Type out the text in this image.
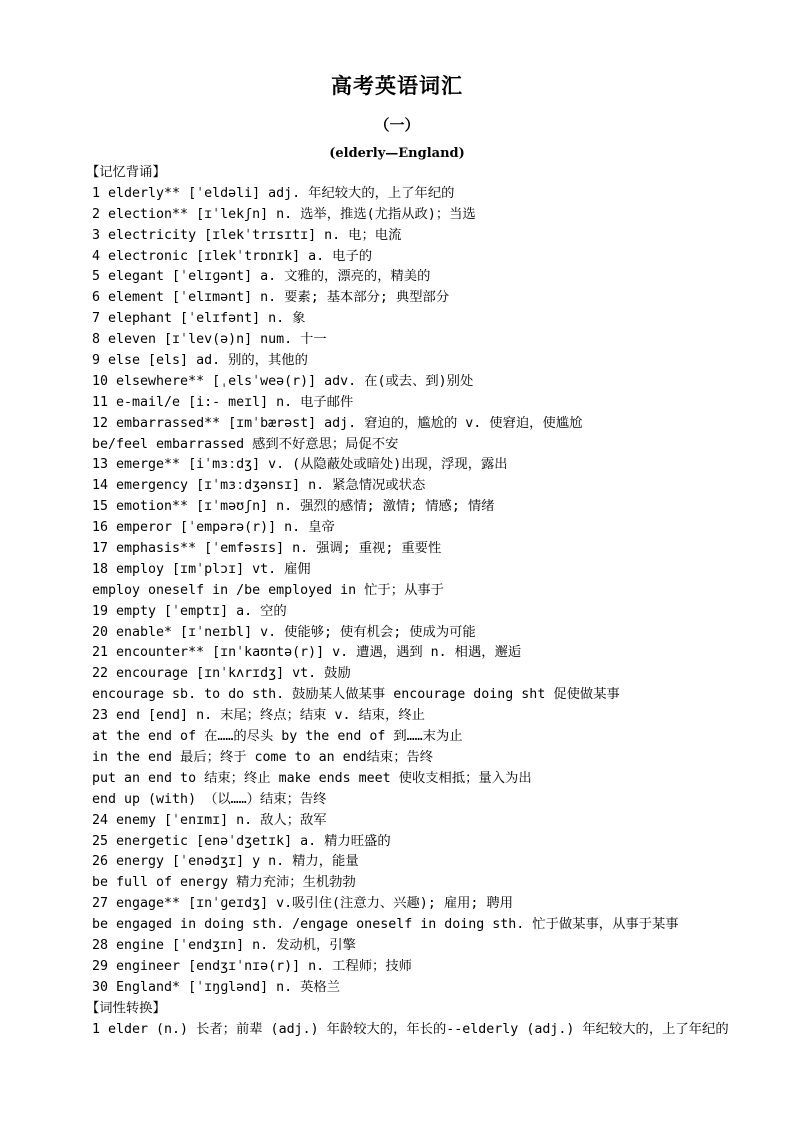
高考英语词汇
（一）
(elderly—England)
【记忆背诵】
1 elderly** [ˈeldəli] adj. 年纪较大的，上了年纪的
2 election** [ɪˈlekʃn] n. 选举，推选(尤指从政)；当选
3 electricity [ɪlekˈtrɪsɪtɪ] n. 电；电流
4 electronic [ɪlekˈtrɒnɪk] a. 电子的
5 elegant [ˈelɪɡənt] a. 文雅的，漂亮的，精美的
6 element [ˈelɪmənt] n. 要素; 基本部分; 典型部分
7 elephant [ˈelɪfənt] n. 象
8 eleven [ɪˈlev(ə)n] num. 十一
9 else [els] ad. 别的，其他的
10 elsewhere** [ˌelsˈweə(r)] adv. 在(或去、到)别处
11 e-mail/e [i:- meɪl] n. 电子邮件
12 embarrassed** [ɪmˈbærəst] adj. 窘迫的，尴尬的 v. 使窘迫，使尴尬
be/feel embarrassed 感到不好意思；局促不安
13 emerge** [iˈmɜːdʒ] v. (从隐蔽处或暗处)出现，浮现，露出
14 emergency [ɪˈmɜːdʒənsɪ] n. 紧急情况或状态
15 emotion** [ɪˈməʊʃn] n. 强烈的感情; 激情; 情感; 情绪
16 emperor [ˈempərə(r)] n. 皇帝
17 emphasis** [ˈemfəsɪs] n. 强调; 重视; 重要性
18 employ [ɪmˈplɔɪ] vt. 雇佣
employ oneself in /be employed in 忙于；从事于
19 empty [ˈemptɪ] a. 空的
20 enable* [ɪˈneɪbl] v. 使能够; 使有机会; 使成为可能
21 encounter** [ɪnˈkaʊntə(r)] v. 遭遇，遇到 n. 相遇，邂逅
22 encourage [ɪnˈkʌrɪdʒ] vt. 鼓励
encourage sb. to do sth. 鼓励某人做某事 encourage doing sht 促使做某事
23 end [end] n. 末尾；终点；结束 v. 结束，终止
at the end of 在……的尽头 by the end of 到……末为止
in the end 最后；终于 come to an end结束；告终
put an end to 结束；终止 make ends meet 使收支相抵；量入为出
end up (with) （以……）结束；告终
24 enemy [ˈenɪmɪ] n. 敌人；敌军
25 energetic [enəˈdʒetɪk] a. 精力旺盛的
26 energy [ˈenədʒɪ] y n. 精力，能量
be full of energy 精力充沛；生机勃勃
27 engage** [ɪnˈɡeɪdʒ] v.吸引住(注意力、兴趣); 雇用; 聘用
be engaged in doing sth. /engage oneself in doing sth. 忙于做某事，从事于某事
28 engine [ˈendʒɪn] n. 发动机，引擎
29 engineer [endʒɪˈnɪə(r)] n. 工程师；技师
30 England* [ˈɪŋɡlənd] n. 英格兰
【词性转换】
1 elder (n.) 长者；前辈 (adj.) 年龄较大的，年长的--elderly (adj.) 年纪较大的，上了年纪的
